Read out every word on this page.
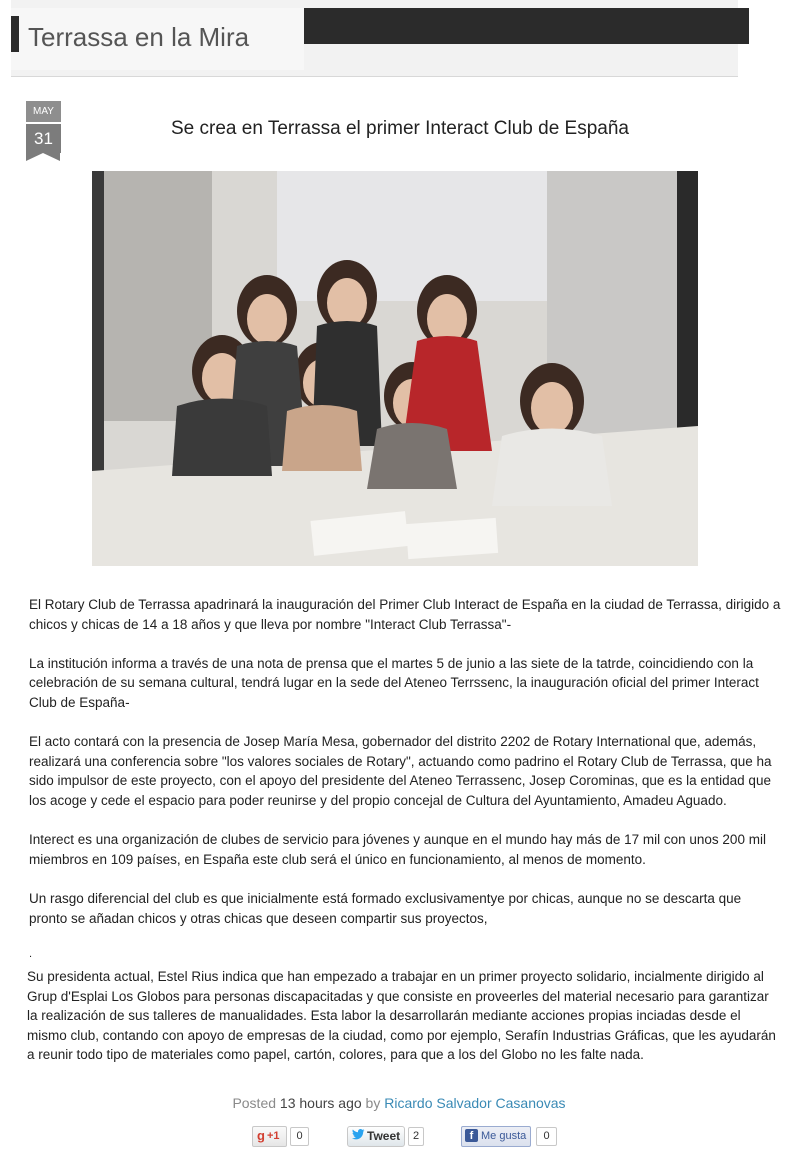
Terrassa en la Mira
MAY
31	Se crea en Terrassa el primer Interact Club de España

El Rotary Club de Terrassa apadrinará la inauguración del Primer Club Interact de España en la ciudad de Terrassa, dirigido a chicos y chicas de 14 a 18 años y que lleva por nombre "Interact Club Terrassa"-

La institución informa a través de una nota de prensa que el martes 5 de junio a las siete de la tatrde, coincidiendo con la celebración de su semana cultural, tendrá lugar en la sede del Ateneo Terrssenc, la inauguración oficial del primer Interact Club de España-

El acto contará con la presencia de Josep María Mesa, gobernador del distrito 2202 de Rotary International que, además, realizará una conferencia sobre "los valores sociales de Rotary", actuando como padrino el Rotary Club de Terrassa, que ha sido impulsor de este proyecto, con el apoyo del presidente del Ateneo Terrassenc, Josep Corominas, que es la entidad que los acoge y cede el espacio para poder reunirse y del propio concejal de Cultura del Ayuntamiento, Amadeu Aguado.

Interect es una organización de clubes de servicio para jóvenes y aunque en el mundo hay más de 17 mil con unos 200 mil miembros en 109 países, en España este club será el único en funcionamiento, al menos de momento.

Un rasgo diferencial del club es que inicialmente está formado exclusivamentye por chicas, aunque no se descarta que pronto se añadan chicos y otras chicas que deseen compartir sus proyectos,

.

Su presidenta actual, Estel Rius indica que han empezado a trabajar en un primer proyecto solidario, incialmente dirigido al Grup d'Esplai Los Globos para personas discapacitadas y que consiste en proveerles del material necesario para garantizar la realización de sus talleres de manualidades. Esta labor la desarrollarán mediante acciones propias inciadas desde el mismo club, contando con apoyo de empresas de la ciudad, como por ejemplo, Serafín Industrias Gráficas, que les ayudarán a reunir todo tipo de materiales como papel, cartón, colores, para que a los del Globo no les falte nada.

Posted 13 hours ago by Ricardo Salvador Casanovas
g +1	0	Tweet	2	f Me gusta	0
